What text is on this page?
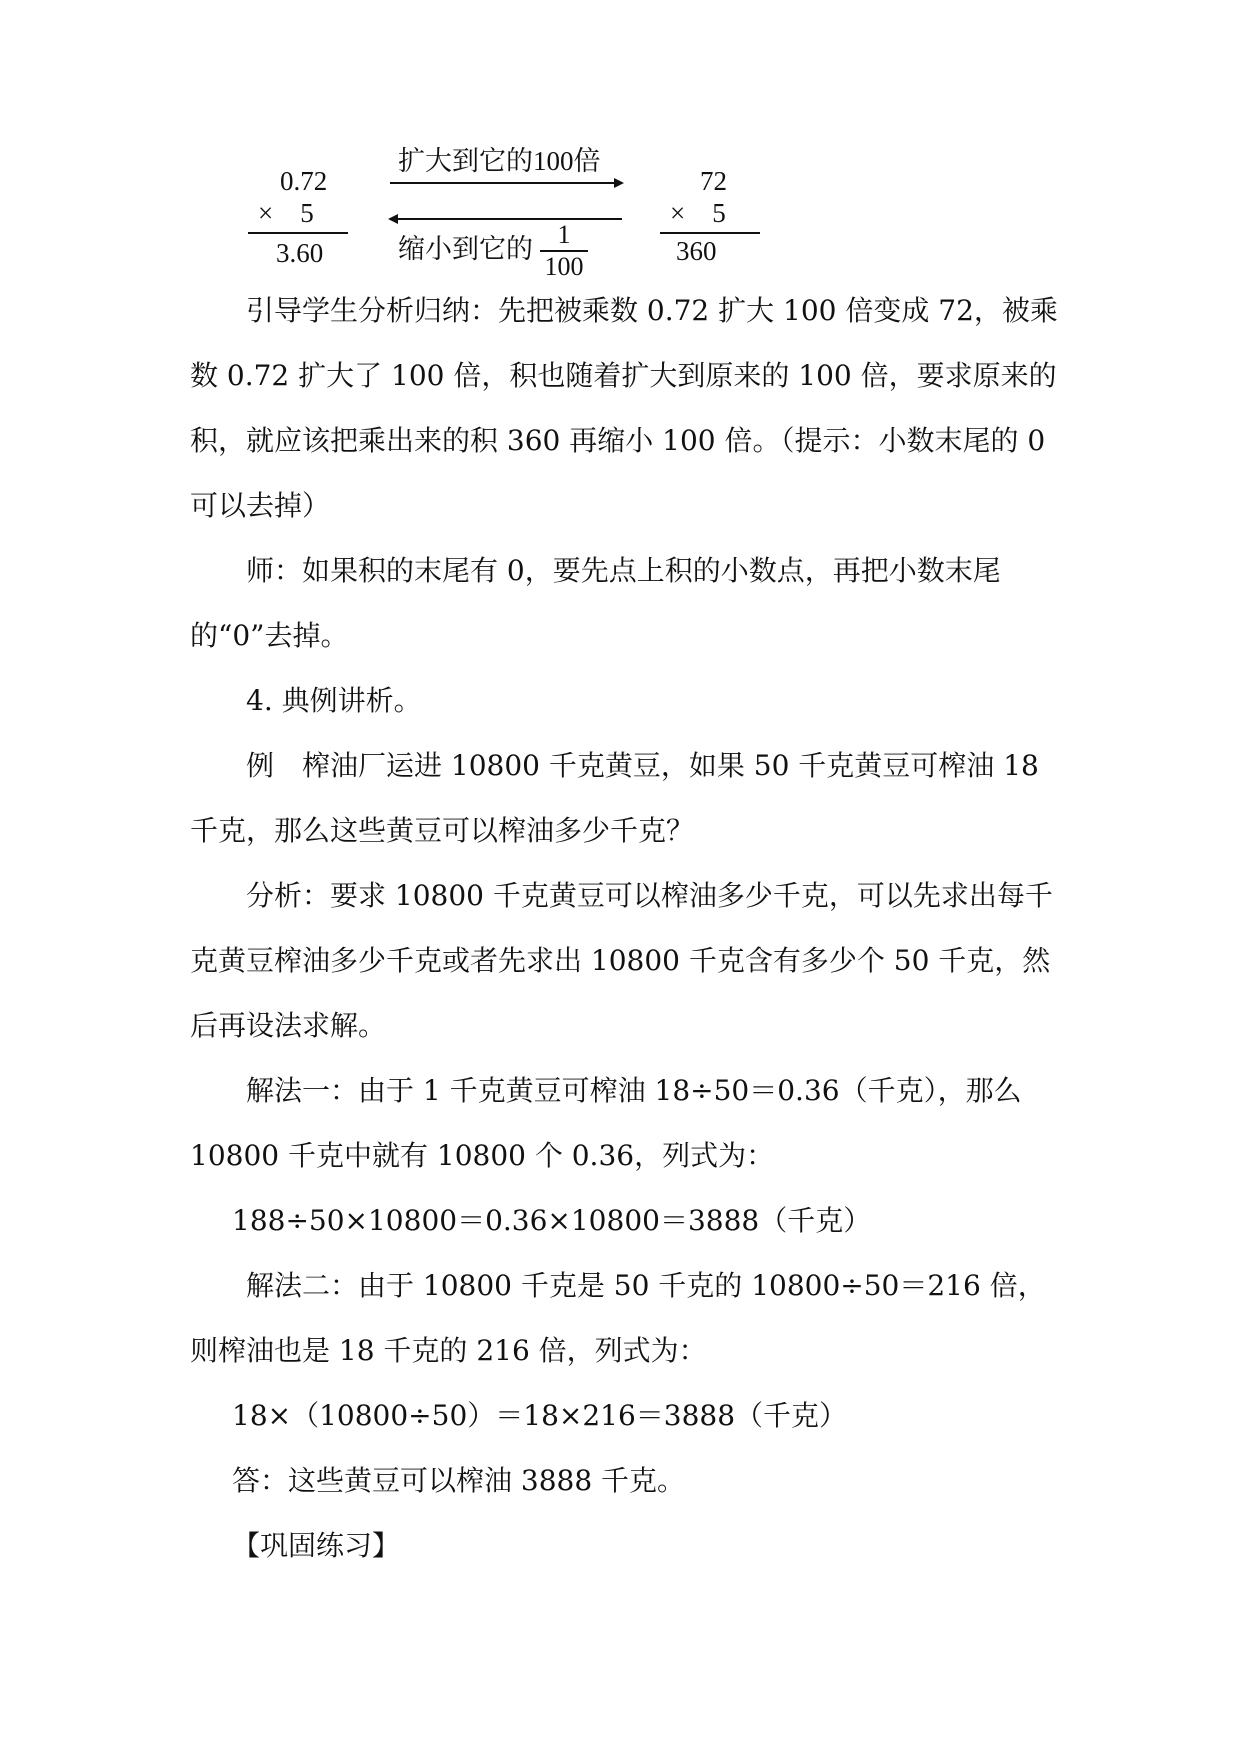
0.72
×　5
3.60
扩大到它的100倍
缩小到它的 1
100
72
×　5
360

引导学生分析归纳：先把被乘数 0.72 扩大 100 倍变成 72，被乘数 0.72 扩大了 100 倍，积也随着扩大到原来的 100 倍，要求原来的积，就应该把乘出来的积 360 再缩小 100 倍。（提示：小数末尾的 0 可以去掉）

师：如果积的末尾有 0，要先点上积的小数点，再把小数末尾的“0”去掉。

4. 典例讲析。

例　榨油厂运进 10800 千克黄豆，如果 50 千克黄豆可榨油 18 千克，那么这些黄豆可以榨油多少千克？

分析：要求 10800 千克黄豆可以榨油多少千克，可以先求出每千克黄豆榨油多少千克或者先求出 10800 千克含有多少个 50 千克，然后再设法求解。

解法一：由于 1 千克黄豆可榨油 18÷50＝0.36（千克），那么10800 千克中就有 10800 个 0.36，列式为：

188÷50×10800＝0.36×10800＝3888（千克）

解法二：由于 10800 千克是 50 千克的 10800÷50＝216 倍，则榨油也是 18 千克的 216 倍，列式为：

18×（10800÷50）＝18×216＝3888（千克）

答：这些黄豆可以榨油 3888 千克。

【巩固练习】
